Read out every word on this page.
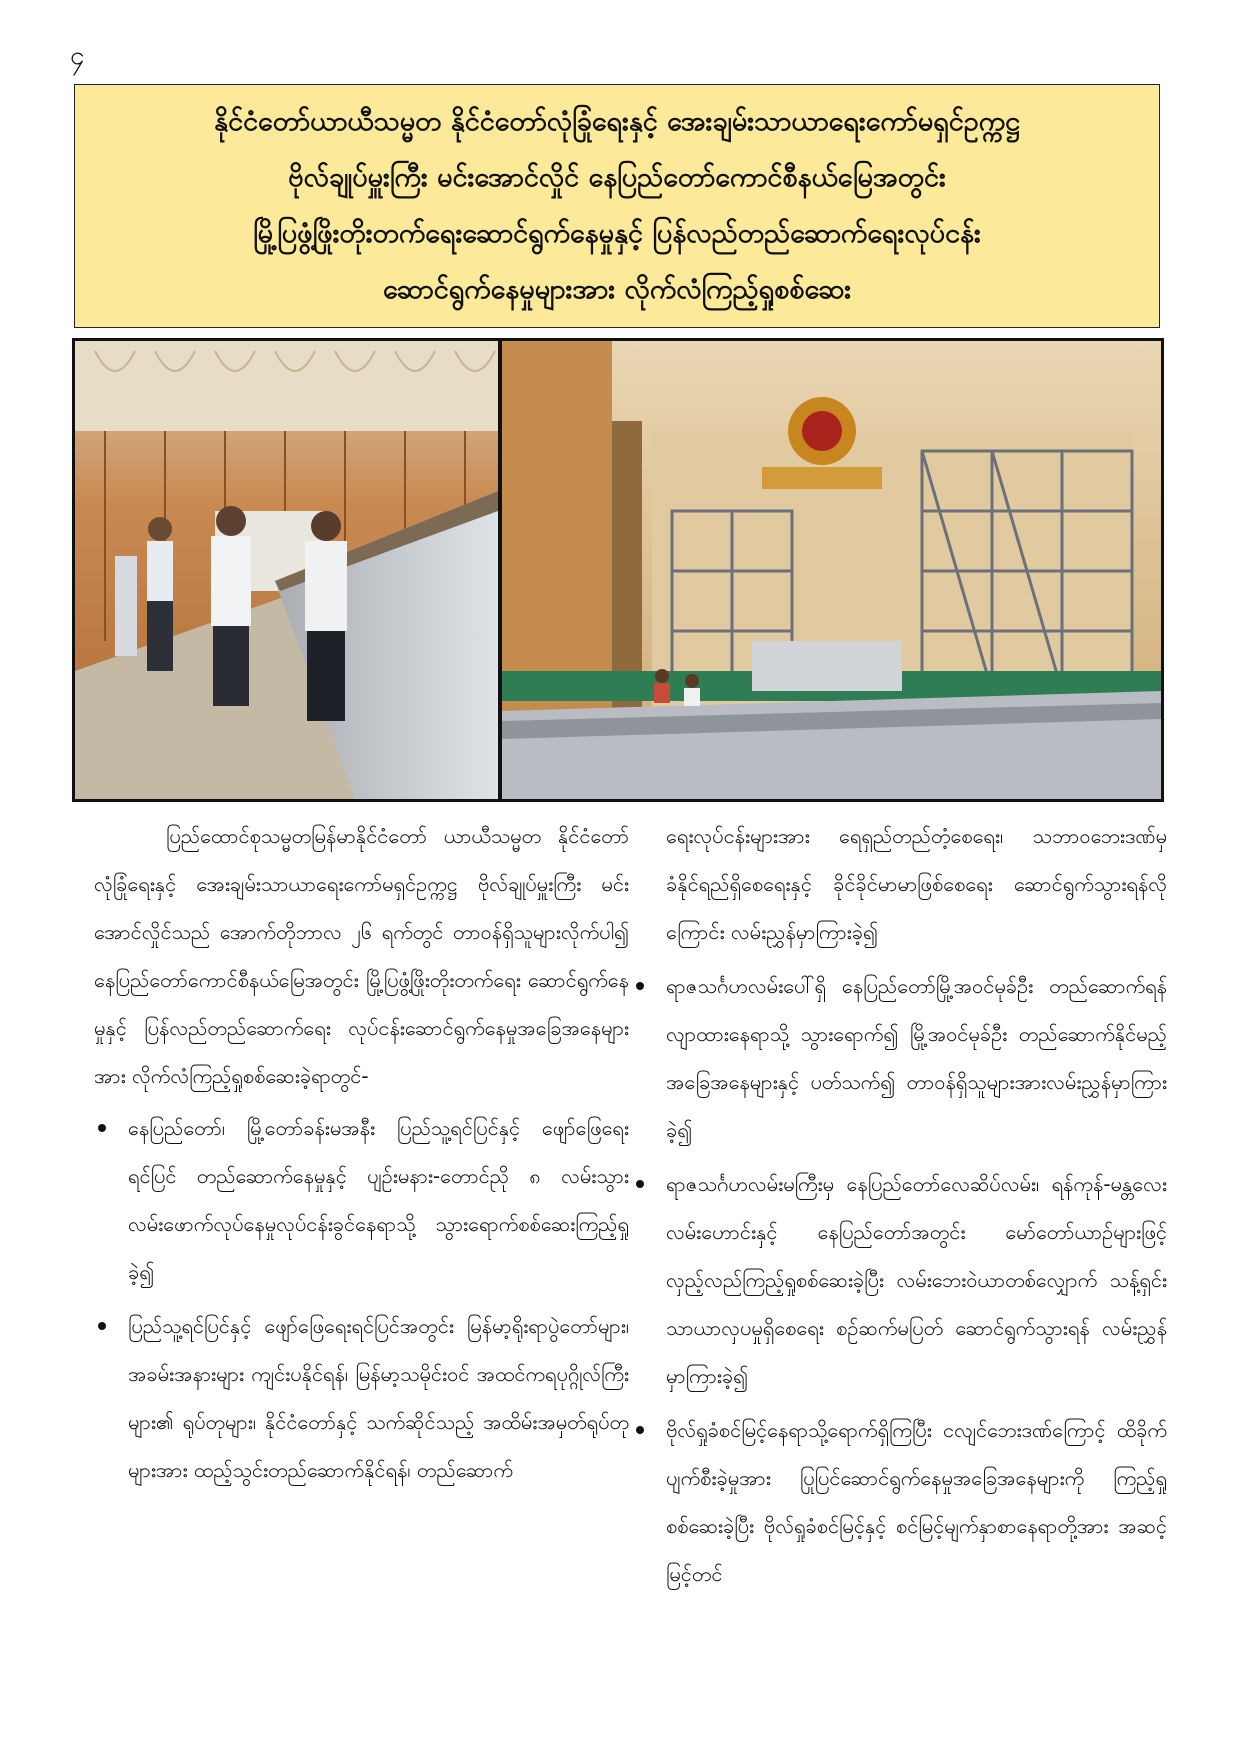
၄
နိုင်ငံတော်ယာယီသမ္မတ နိုင်ငံတော်လုံခြုံရေးနှင့် အေးချမ်းသာယာရေးကော်မရှင်ဥက္ကဋ္ဌ
ဗိုလ်ချုပ်မှူးကြီး မင်းအောင်လှိုင် နေပြည်တော်ကောင်စီနယ်မြေအတွင်း
မြို့ပြဖွံ့ဖြိုးတိုးတက်ရေးဆောင်ရွက်နေမှုနှင့် ပြန်လည်တည်ဆောက်ရေးလုပ်ငန်း
ဆောင်ရွက်နေမှုများအား လိုက်လံကြည့်ရှုစစ်ဆေး

ပြည်ထောင်စုသမ္မတမြန်မာနိုင်ငံတော် ယာယီသမ္မတ နိုင်ငံတော်လုံခြုံရေးနှင့် အေးချမ်းသာယာရေးကော်မရှင်ဥက္ကဋ္ဌ ဗိုလ်ချုပ်မှူးကြီး မင်းအောင်လှိုင်သည် အောက်တိုဘာလ ၂၆ ရက်တွင် တာဝန်ရှိသူများလိုက်ပါ၍ နေပြည်တော်ကောင်စီနယ်မြေအတွင်း မြို့ပြဖွံ့ဖြိုးတိုးတက်ရေး ဆောင်ရွက်နေမှုနှင့် ပြန်လည်တည်ဆောက်ရေး လုပ်ငန်းဆောင်ရွက်နေမှုအခြေအနေများအား လိုက်လံကြည့်ရှုစစ်ဆေးခဲ့ရာတွင်-

နေပြည်တော်၊ မြို့တော်ခန်းမအနီး ပြည်သူ့ရင်ပြင်နှင့် ဖျော်ဖြေရေးရင်ပြင် တည်ဆောက်နေမှုနှင့် ပျဉ်းမနား-တောင်ညို ၈ လမ်းသွား လမ်းဖောက်လုပ်နေမှုလုပ်ငန်းခွင်နေရာသို့ သွားရောက်စစ်ဆေးကြည့်ရှုခဲ့၍
ပြည်သူ့ရင်ပြင်နှင့် ဖျော်ဖြေရေးရင်ပြင်အတွင်း မြန်မာ့ရိုးရာပွဲတော်များ၊ အခမ်းအနားများ ကျင်းပနိုင်ရန်၊ မြန်မာ့သမိုင်းဝင် အထင်ကရပုဂ္ဂိုလ်ကြီးများ၏ ရုပ်တုများ၊ နိုင်ငံတော်နှင့် သက်ဆိုင်သည့် အထိမ်းအမှတ်ရုပ်တုများအား ထည့်သွင်းတည်ဆောက်နိုင်ရန်၊ တည်ဆောက်

ရေးလုပ်ငန်းများအား ရေရှည်တည်တံ့စေရေး၊ သဘာဝဘေးဒဏ်မှ ခံနိုင်ရည်ရှိစေရေးနှင့် ခိုင်ခိုင်မာမာဖြစ်စေရေး ဆောင်ရွက်သွားရန်လိုကြောင်း လမ်းညွှန်မှာကြားခဲ့၍

ရာဇသင်္ဂဟလမ်းပေါ်ရှိ နေပြည်တော်မြို့အဝင်မုခ်ဦး တည်ဆောက်ရန်လျာထားနေရာသို့ သွားရောက်၍ မြို့အဝင်မုခ်ဦး တည်ဆောက်နိုင်မည့် အခြေအနေများနှင့် ပတ်သက်၍ တာဝန်ရှိသူများအားလမ်းညွှန်မှာကြားခဲ့၍
ရာဇသင်္ဂဟလမ်းမကြီးမှ နေပြည်တော်လေဆိပ်လမ်း၊ ရန်ကုန်-မန္တလေးလမ်းဟောင်းနှင့် နေပြည်တော်အတွင်း မော်တော်ယာဉ်များဖြင့် လှည့်လည်ကြည့်ရှုစစ်ဆေးခဲ့ပြီး လမ်းဘေးဝဲယာတစ်လျှောက် သန့်ရှင်းသာယာလှပမှုရှိစေရေး စဉ်ဆက်မပြတ် ဆောင်ရွက်သွားရန် လမ်းညွှန်မှာကြားခဲ့၍
ဗိုလ်ရှုခံစင်မြင့်နေရာသို့ရောက်ရှိကြပြီး ငလျင်ဘေးဒဏ်ကြောင့် ထိခိုက်ပျက်စီးခဲ့မှုအား ပြုပြင်ဆောင်ရွက်နေမှုအခြေအနေများကို ကြည့်ရှုစစ်ဆေးခဲ့ပြီး ဗိုလ်ရှုခံစင်မြင့်နှင့် စင်မြင့်မျက်နှာစာနေရာတို့အား အဆင့်မြင့်တင်
